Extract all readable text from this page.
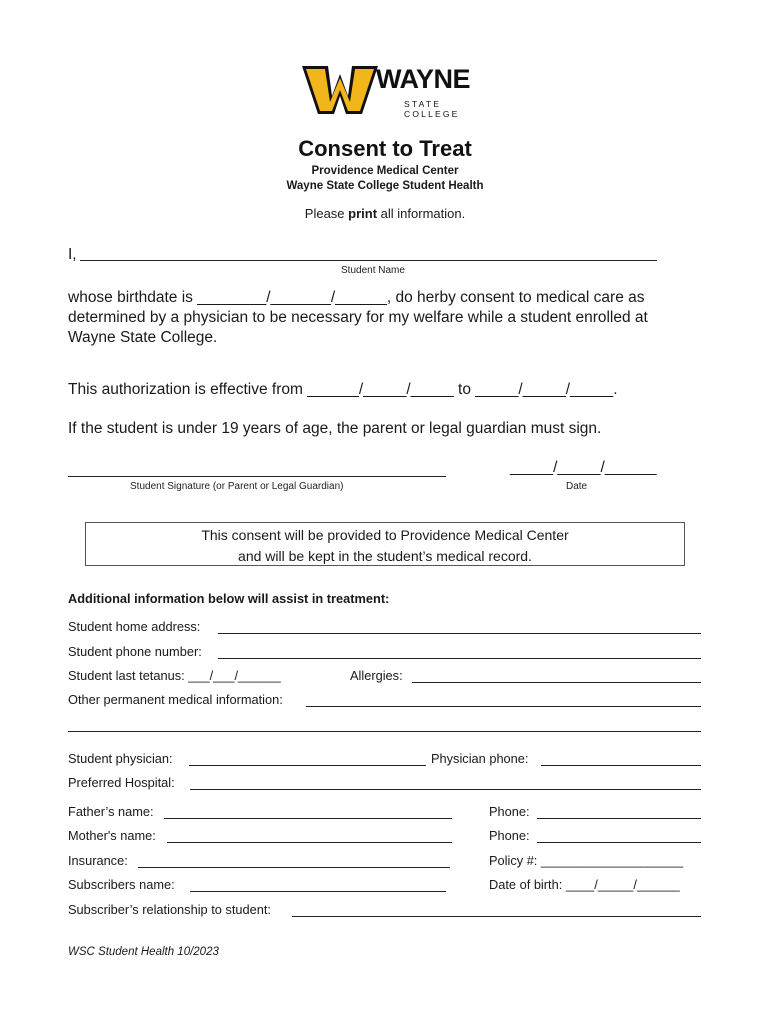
WAYNE
STATE COLLEGE
Consent to Treat
Providence Medical Center
Wayne State College Student Health
Please print all information.
I,
Student Name
whose birthdate is ________/_______/______, do herby consent to medical care as
determined by a physician to be necessary for my welfare while a student enrolled at
Wayne State College.
This authorization is effective from ______/_____/_____ to _____/_____/_____.
If the student is under 19 years of age, the parent or legal guardian must sign.
Student Signature (or Parent or Legal Guardian)
_____/_____/______
Date
This consent will be provided to Providence Medical Center
and will be kept in the student’s medical record.
Additional information below will assist in treatment:
Student home address:
Student phone number:
Student last tetanus: ___/___/______	Allergies:
Other permanent medical information:
Student physician:	Physician phone:
Preferred Hospital:
Father’s name:	Phone:
Mother's name:	Phone:
Insurance:	Policy #: ____________________
Subscribers name:	Date of birth: ____/_____/______
Subscriber’s relationship to student:
WSC Student Health 10/2023
